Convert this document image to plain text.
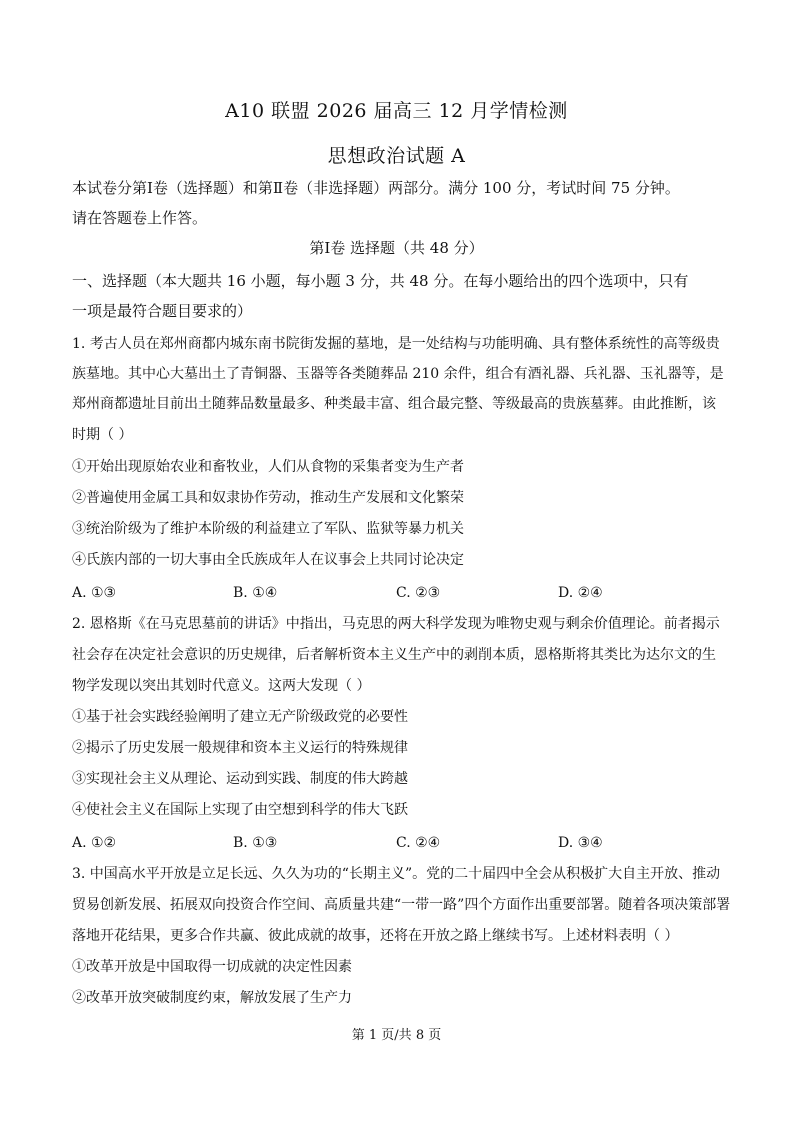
A10 联盟 2026 届高三 12 月学情检测
思想政治试题 A
本试卷分第Ⅰ卷（选择题）和第Ⅱ卷（非选择题）两部分。满分 100 分，考试时间 75 分钟。
请在答题卷上作答。
第Ⅰ卷 选择题（共 48 分）
一、选择题（本大题共 16 小题，每小题 3 分，共 48 分。在每小题给出的四个选项中，只有
一项是最符合题目要求的）
1. 考古人员在郑州商都内城东南书院街发掘的墓地，是一处结构与功能明确、具有整体系统性的高等级贵
族墓地。其中心大墓出土了青铜器、玉器等各类随葬品 210 余件，组合有酒礼器、兵礼器、玉礼器等，是
郑州商都遗址目前出土随葬品数量最多、种类最丰富、组合最完整、等级最高的贵族墓葬。由此推断，该
时期（ ）
①开始出现原始农业和畜牧业，人们从食物的采集者变为生产者
②普遍使用金属工具和奴隶协作劳动，推动生产发展和文化繁荣
③统治阶级为了维护本阶级的利益建立了军队、监狱等暴力机关
④氏族内部的一切大事由全氏族成年人在议事会上共同讨论决定
A. ①③	B. ①④	C. ②③	D. ②④
2. 恩格斯《在马克思墓前的讲话》中指出，马克思的两大科学发现为唯物史观与剩余价值理论。前者揭示
社会存在决定社会意识的历史规律，后者解析资本主义生产中的剥削本质，恩格斯将其类比为达尔文的生
物学发现以突出其划时代意义。这两大发现（ ）
①基于社会实践经验阐明了建立无产阶级政党的必要性
②揭示了历史发展一般规律和资本主义运行的特殊规律
③实现社会主义从理论、运动到实践、制度的伟大跨越
④使社会主义在国际上实现了由空想到科学的伟大飞跃
A. ①②	B. ①③	C. ②④	D. ③④
3. 中国高水平开放是立足长远、久久为功的“长期主义”。党的二十届四中全会从积极扩大自主开放、推动
贸易创新发展、拓展双向投资合作空间、高质量共建“一带一路”四个方面作出重要部署。随着各项决策部署
落地开花结果，更多合作共赢、彼此成就的故事，还将在开放之路上继续书写。上述材料表明（ ）
①改革开放是中国取得一切成就的决定性因素
②改革开放突破制度约束，解放发展了生产力
第 1 页/共 8 页
